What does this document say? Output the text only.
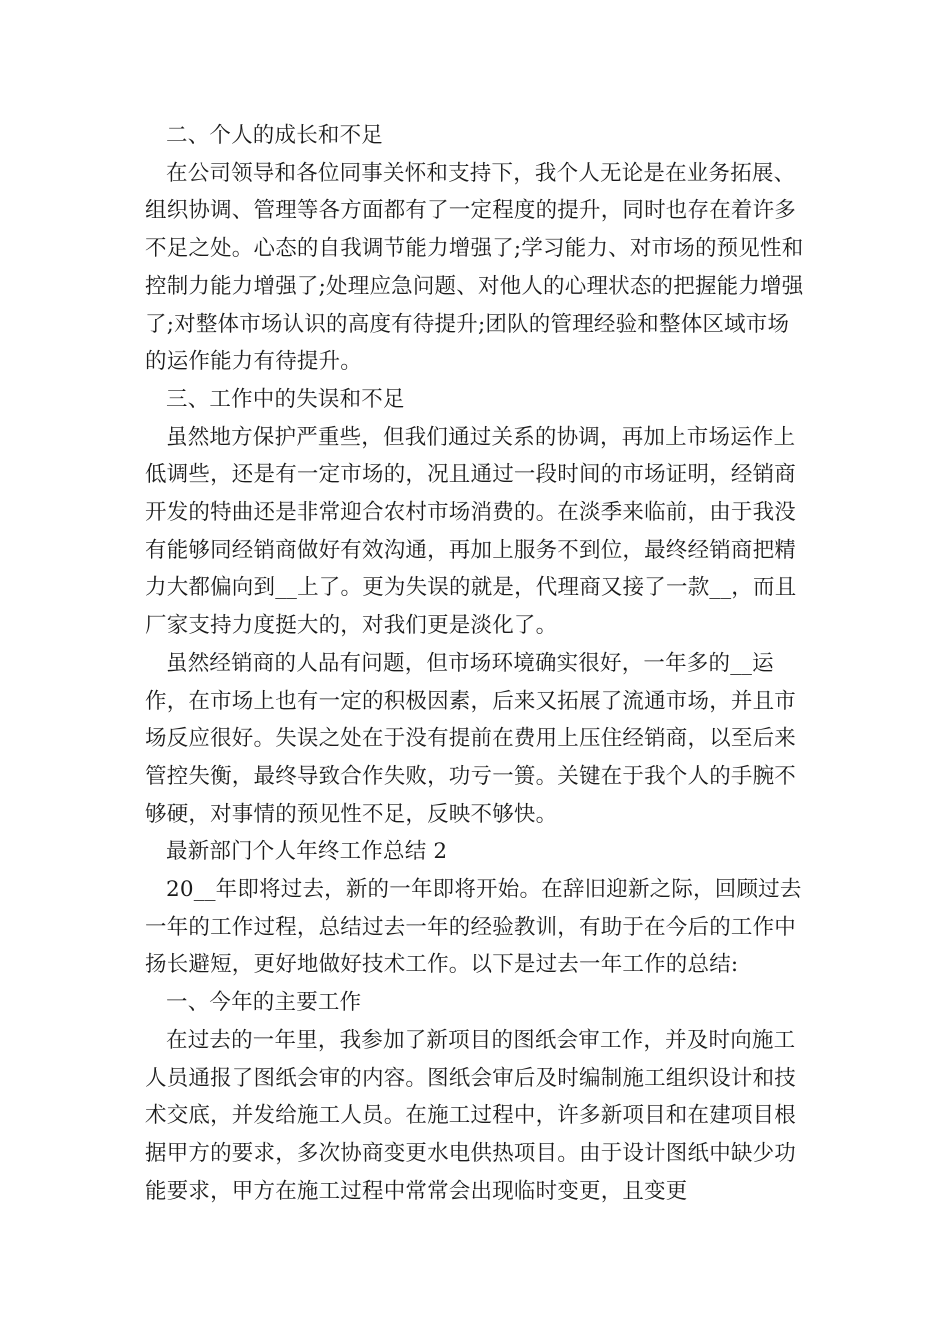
二、个人的成长和不足

在公司领导和各位同事关怀和支持下，我个人无论是在业务拓展、组织协调、管理等各方面都有了一定程度的提升，同时也存在着许多不足之处。心态的自我调节能力增强了;学习能力、对市场的预见性和控制力能力增强了;处理应急问题、对他人的心理状态的把握能力增强了;对整体市场认识的高度有待提升;团队的管理经验和整体区域市场的运作能力有待提升。

三、工作中的失误和不足

虽然地方保护严重些，但我们通过关系的协调，再加上市场运作上低调些，还是有一定市场的，况且通过一段时间的市场证明，经销商开发的特曲还是非常迎合农村市场消费的。在淡季来临前，由于我没有能够同经销商做好有效沟通，再加上服务不到位，最终经销商把精力大都偏向到__上了。更为失误的就是，代理商又接了一款__，而且厂家支持力度挺大的，对我们更是淡化了。

虽然经销商的人品有问题，但市场环境确实很好，一年多的__运作，在市场上也有一定的积极因素，后来又拓展了流通市场，并且市场反应很好。失误之处在于没有提前在费用上压住经销商，以至后来管控失衡，最终导致合作失败，功亏一篑。关键在于我个人的手腕不够硬，对事情的预见性不足，反映不够快。

最新部门个人年终工作总结 2

20__年即将过去，新的一年即将开始。在辞旧迎新之际，回顾过去一年的工作过程，总结过去一年的经验教训，有助于在今后的工作中扬长避短，更好地做好技术工作。以下是过去一年工作的总结:

一、今年的主要工作

在过去的一年里，我参加了新项目的图纸会审工作，并及时向施工人员通报了图纸会审的内容。图纸会审后及时编制施工组织设计和技术交底，并发给施工人员。在施工过程中，许多新项目和在建项目根据甲方的要求，多次协商变更水电供热项目。由于设计图纸中缺少功能要求，甲方在施工过程中常常会出现临时变更，且变更
